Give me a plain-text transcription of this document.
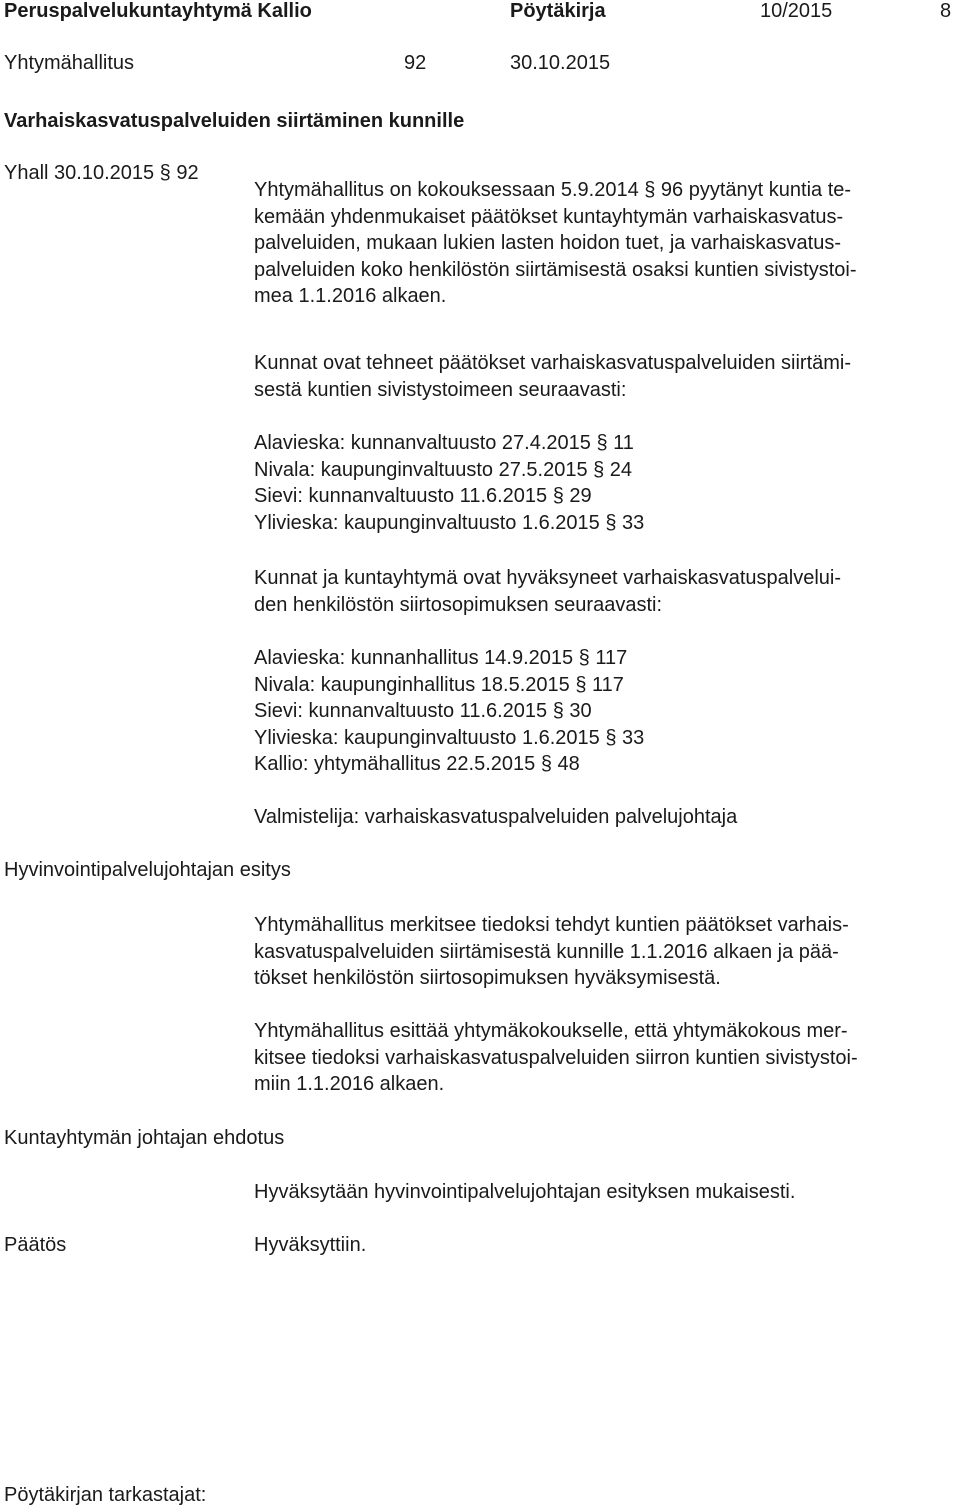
Peruspalvelukuntayhtymä Kallio	Pöytäkirja	10/2015	8
Yhtymähallitus	92	30.10.2015
Varhaiskasvatuspalveluiden siirtäminen kunnille
Yhall 30.10.2015 § 92
Yhtymähallitus on kokouksessaan 5.9.2014 § 96 pyytänyt kuntia te-
kemään yhdenmukaiset päätökset kuntayhtymän varhaiskasvatus-
palveluiden, mukaan lukien lasten hoidon tuet, ja varhaiskasvatus-
palveluiden koko henkilöstön siirtämisestä osaksi kuntien sivistystoi-
mea 1.1.2016 alkaen.
Kunnat ovat tehneet päätökset varhaiskasvatuspalveluiden siirtämi-
sestä kuntien sivistystoimeen seuraavasti:
Alavieska: kunnanvaltuusto 27.4.2015 § 11
Nivala: kaupunginvaltuusto 27.5.2015 § 24
Sievi: kunnanvaltuusto 11.6.2015 § 29
Ylivieska: kaupunginvaltuusto 1.6.2015 § 33
Kunnat ja kuntayhtymä ovat hyväksyneet varhaiskasvatuspalvelui-
den henkilöstön siirtosopimuksen seuraavasti:
Alavieska: kunnanhallitus 14.9.2015 § 117
Nivala: kaupunginhallitus 18.5.2015 § 117
Sievi: kunnanvaltuusto 11.6.2015 § 30
Ylivieska: kaupunginvaltuusto 1.6.2015 § 33
Kallio: yhtymähallitus 22.5.2015 § 48
Valmistelija: varhaiskasvatuspalveluiden palvelujohtaja
Hyvinvointipalvelujohtajan esitys
Yhtymähallitus merkitsee tiedoksi tehdyt kuntien päätökset varhais-
kasvatuspalveluiden siirtämisestä kunnille 1.1.2016 alkaen ja pää-
tökset henkilöstön siirtosopimuksen hyväksymisestä.
Yhtymähallitus esittää yhtymäkokoukselle, että yhtymäkokous mer-
kitsee tiedoksi varhaiskasvatuspalveluiden siirron kuntien sivistystoi-
miin 1.1.2016 alkaen.
Kuntayhtymän johtajan ehdotus
Hyväksytään hyvinvointipalvelujohtajan esityksen mukaisesti.
Päätös	Hyväksyttiin.
Pöytäkirjan tarkastajat:
